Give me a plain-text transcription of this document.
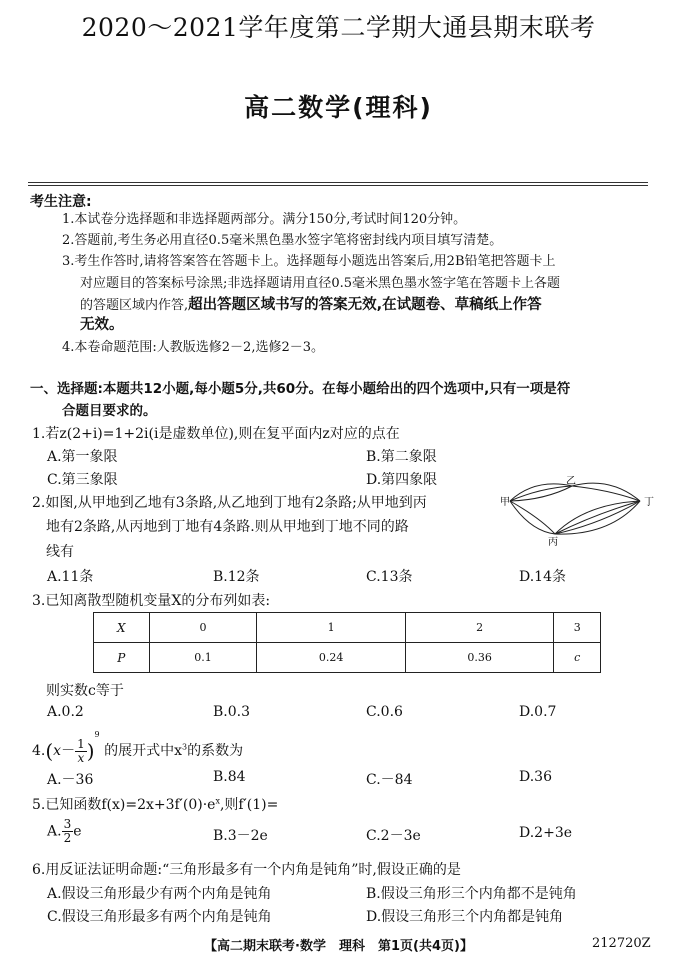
2020～2021学年度第二学期大通县期末联考
高二数学(理科)
考生注意:
1.本试卷分选择题和非选择题两部分。满分150分,考试时间120分钟。
2.答题前,考生务必用直径0.5毫米黑色墨水签字笔将密封线内项目填写清楚。
3.考生作答时,请将答案答在答题卡上。选择题每小题选出答案后,用2B铅笔把答题卡上
对应题目的答案标号涂黑;非选择题请用直径0.5毫米黑色墨水签字笔在答题卡上各题
的答题区域内作答,超出答题区域书写的答案无效,在试题卷、草稿纸上作答
无效。
4.本卷命题范围:人教版选修2－2,选修2－3。
一、选择题:本题共12小题,每小题5分,共60分。在每小题给出的四个选项中,只有一项是符
合题目要求的。
1.若z(2+i)=1+2i(i是虚数单位),则在复平面内z对应的点在
A.第一象限	B.第二象限
C.第三象限	D.第四象限
2.如图,从甲地到乙地有3条路,从乙地到丁地有2条路;从甲地到丙
地有2条路,从丙地到丁地有4条路.则从甲地到丁地不同的路
线有
甲
乙
丁
丙
A.11条	B.12条	C.13条	D.14条
3.已知离散型随机变量X的分布列如表:
X	0	1	2	3
P	0.1	0.24	0.36	c
则实数c等于
A.0.2	B.0.3	C.0.6	D.0.7
$4.(x- \frac{1}{x} )^9$ 的展开式中$x^3$的系数为
A.－36	B.84	C.－84	D.36
5.已知函数$f(x)=2x+3f'(0)\cdot e^x$,则f′(1)=
A. $\frac{3}{2}$ e	B.3－2e	C.2－3e	D.2+3e
6.用反证法证明命题:“三角形最多有一个内角是钝角”时,假设正确的是
A.假设三角形最少有两个内角是钝角	B.假设三角形三个内角都不是钝角
C.假设三角形最多有两个内角是钝角	D.假设三角形三个内角都是钝角
【高二期末联考·数学　理科　第1页(共4页)】	212720Z
